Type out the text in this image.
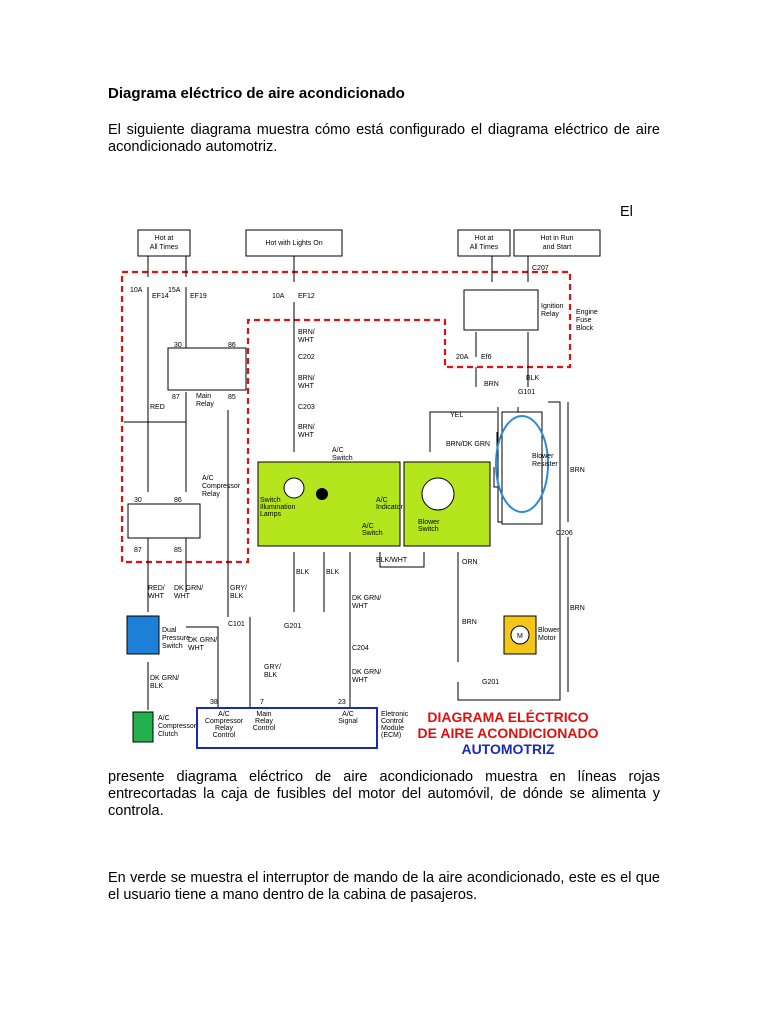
Diagrama eléctrico de aire acondicionado
El siguiente diagrama muestra cómo está configurado el diagrama eléctrico de aire acondicionado automotriz.
El
Hot at
All Times
Hot with Lights On
Hot at
All Times
Hot in Run
and Start
10A
EF14
15A
EF19	10A EF12
20A Ef6
C207
30	86
87	85
Main
Relay
30	86
87	85
A/C
Compressor
Relay
Ignition
Relay Engine
Fuse
Block
BRN/
WHT
C202
BRN/
WHT
C203
BRN/
WHT
RED
YEL
BRN/DK GRN
BRN
BLK
G101
BRN
C206
BRN
A/C
Switch
Switch
Illumination
Lamps
A/C
Indicator
A/C
Switch
Blower
Switch
Blower
Resister
BLK BLK
BLK/WHT
DK GRN/
WHT
C204
DK GRN/
WHT
RED/
WHT
DK GRN/
WHT
GRY/
BLK
C101
DK GRN/
WHT
GRY/
BLK
DK GRN/
BLK
ORN
BRN
G201
G201
Dual
Pressure
Switch
A/C
Compressor
Clutch
M
Blower
Motor
38	7	23
A/C
Compressor
Relay
Control
Main
Relay
Control
A/C
Signal
Eletronic
Control
Module
(ECM)
DIAGRAMA ELÉCTRICO
DE AIRE ACONDICIONADO
AUTOMOTRIZ
presente diagrama eléctrico de aire acondicionado muestra en líneas rojas entrecortadas la caja de fusibles del motor del automóvil, de dónde se alimenta y controla.
En verde se muestra el interruptor de mando de la aire acondicionado, este es el que el usuario tiene a mano dentro de la cabina de pasajeros.
